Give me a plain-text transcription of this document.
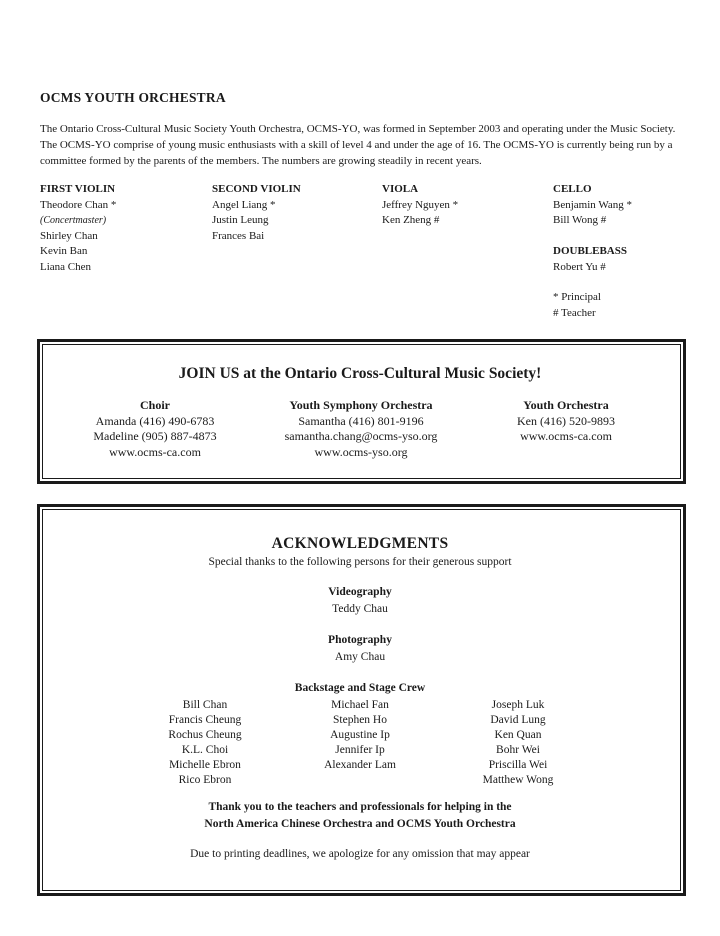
OCMS YOUTH ORCHESTRA
The Ontario Cross-Cultural Music Society Youth Orchestra, OCMS-YO, was formed in September 2003 and operating under the Music Society. The OCMS-YO comprise of young music enthusiasts with a skill of level 4 and under the age of 16. The OCMS-YO is currently being run by a committee formed by the parents of the members. The numbers are growing steadily in recent years.
FIRST VIOLIN
Theodore Chan *
(Concertmaster)
Shirley Chan
Kevin Ban
Liana Chen
SECOND VIOLIN
Angel Liang *
Justin Leung
Frances Bai
VIOLA
Jeffrey Nguyen *
Ken Zheng #
CELLO
Benjamin Wang *
Bill Wong #
DOUBLEBASS
Robert Yu #
* Principal
# Teacher
JOIN US at the Ontario Cross-Cultural Music Society!
Choir
Amanda (416) 490-6783
Madeline (905) 887-4873
www.ocms-ca.com
Youth Symphony Orchestra
Samantha (416) 801-9196
samantha.chang@ocms-yso.org
www.ocms-yso.org
Youth Orchestra
Ken (416) 520-9893
www.ocms-ca.com
ACKNOWLEDGMENTS
Special thanks to the following persons for their generous support
Videography
Teddy Chau
Photography
Amy Chau
Backstage and Stage Crew
Bill Chan
Francis Cheung
Rochus Cheung
K.L. Choi
Michelle Ebron
Rico Ebron
Michael Fan
Stephen Ho
Augustine Ip
Jennifer Ip
Alexander Lam
Joseph Luk
David Lung
Ken Quan
Bohr Wei
Priscilla Wei
Matthew Wong
Thank you to the teachers and professionals for helping in the
North America Chinese Orchestra and OCMS Youth Orchestra
Due to printing deadlines, we apologize for any omission that may appear
